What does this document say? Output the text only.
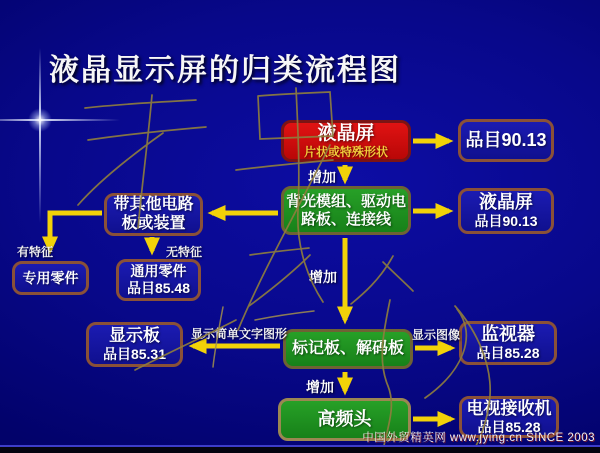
液晶显示屏的归类流程图
液晶屏
片状或特殊形状
品目90.13
背光模组、驱动电
路板、连接线
液晶屏
品目90.13
带其他电路
板或装置
专用零件	通用零件
品目85.48
显示板
品目85.31	标记板、解码板
监视器
品目85.28
高频头
电视接收机
品目85.28
增加
增加
增加
有特征	无特征
显示简单文字图形	显示图像
中国外贸精英网 www.jying.cn SINCE 2003
